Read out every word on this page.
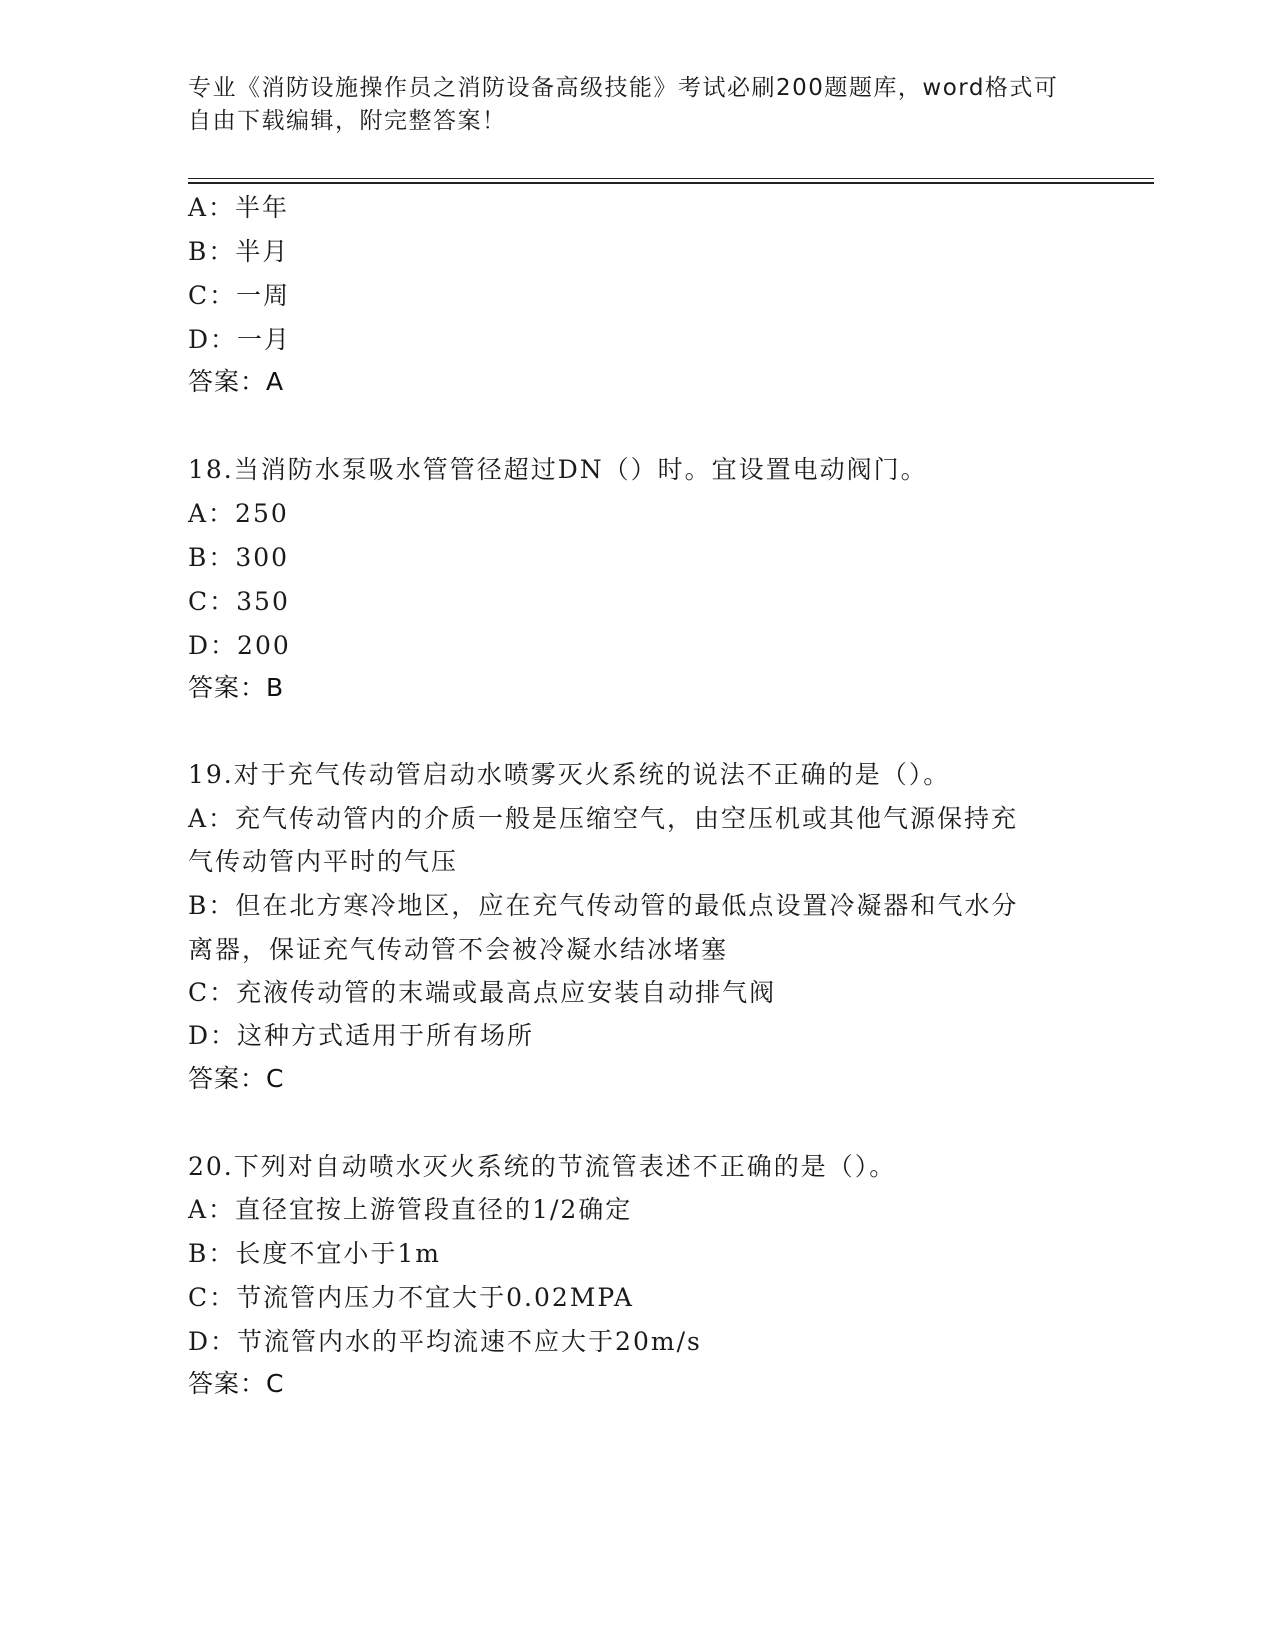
专业《消防设施操作员之消防设备高级技能》考试必刷200题题库，word格式可
自由下载编辑，附完整答案！
A：半年
B：半月
C：一周
D：一月
答案：A
18.当消防水泵吸水管管径超过DN（）时。宜设置电动阀门。
A：250
B：300
C：350
D：200
答案：B
19.对于充气传动管启动水喷雾灭火系统的说法不正确的是（）。
A：充气传动管内的介质一般是压缩空气，由空压机或其他气源保持充
气传动管内平时的气压
B：但在北方寒冷地区，应在充气传动管的最低点设置冷凝器和气水分
离器，保证充气传动管不会被冷凝水结冰堵塞
C：充液传动管的末端或最高点应安装自动排气阀
D：这种方式适用于所有场所
答案：C
20.下列对自动喷水灭火系统的节流管表述不正确的是（）。
A：直径宜按上游管段直径的1/2确定
B：长度不宜小于1m
C：节流管内压力不宜大于0.02MPA
D：节流管内水的平均流速不应大于20m/s
答案：C
